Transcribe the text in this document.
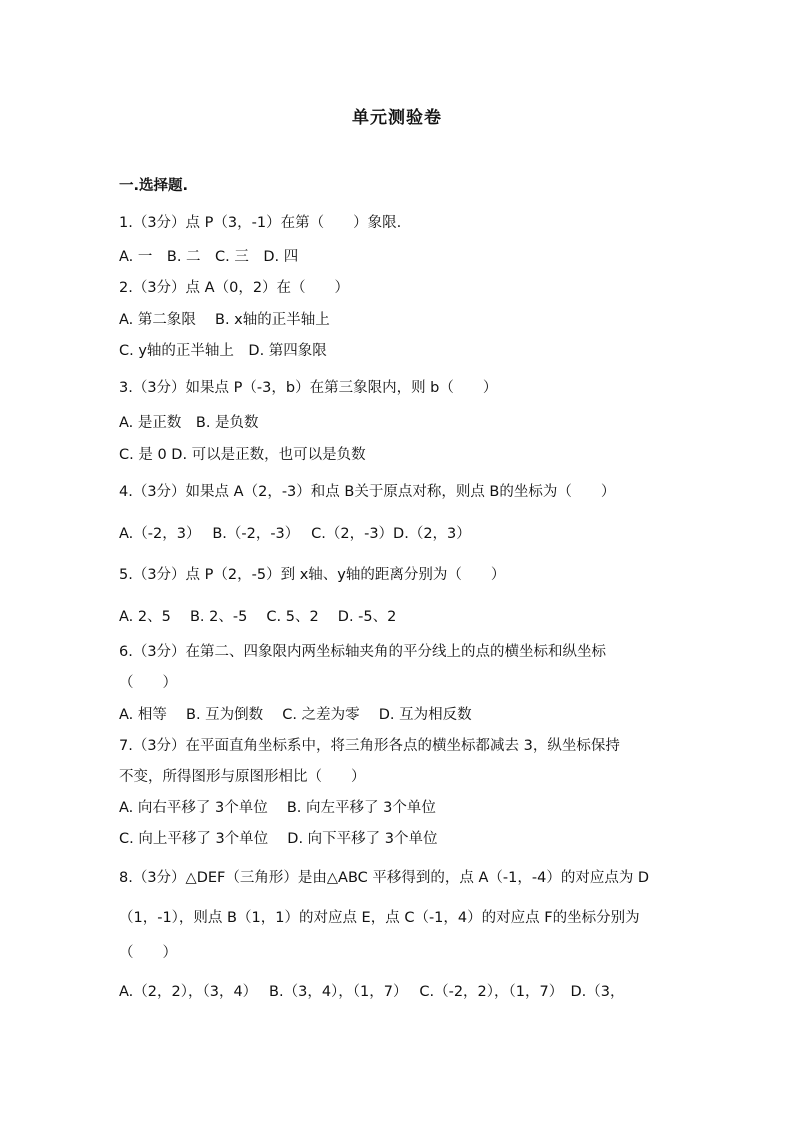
单元测验卷
一.选择题.
1.（3分）点 P（3，-1）在第（　　）象限.
A. 一　B. 二　C. 三　D. 四
2.（3分）点 A（0，2）在（　　）
A. 第二象限　 B. x轴的正半轴上
C. y轴的正半轴上　D. 第四象限
3.（3分）如果点 P（-3，b）在第三象限内，则 b（　　）
A. 是正数　B. 是负数
C. 是 0 D. 可以是正数，也可以是负数
4.（3分）如果点 A（2，-3）和点 B关于原点对称，则点 B的坐标为（　　）
A.（-2，3）　 B.（-2，-3）　 C.（2，-3）D.（2，3）
5.（3分）点 P（2，-5）到 x轴、y轴的距离分别为（　　）
A. 2、5　 B. 2、-5　 C. 5、2　 D. -5、2
6.（3分）在第二、四象限内两坐标轴夹角的平分线上的点的横坐标和纵坐标
（　　）
A. 相等　 B. 互为倒数　 C. 之差为零　 D. 互为相反数
7.（3分）在平面直角坐标系中，将三角形各点的横坐标都减去 3，纵坐标保持
不变，所得图形与原图形相比（　　）
A. 向右平移了 3个单位　 B. 向左平移了 3个单位
C. 向上平移了 3个单位　 D. 向下平移了 3个单位
8.（3分）△DEF（三角形）是由△ABC 平移得到的，点 A（-1，-4）的对应点为 D
（1，-1），则点 B（1，1）的对应点 E，点 C（-1，4）的对应点 F的坐标分别为
（　　）
A.（2，2），（3，4）　 B.（3，4），（1，7）　 C.（-2，2），（1，7）　D.（3，
